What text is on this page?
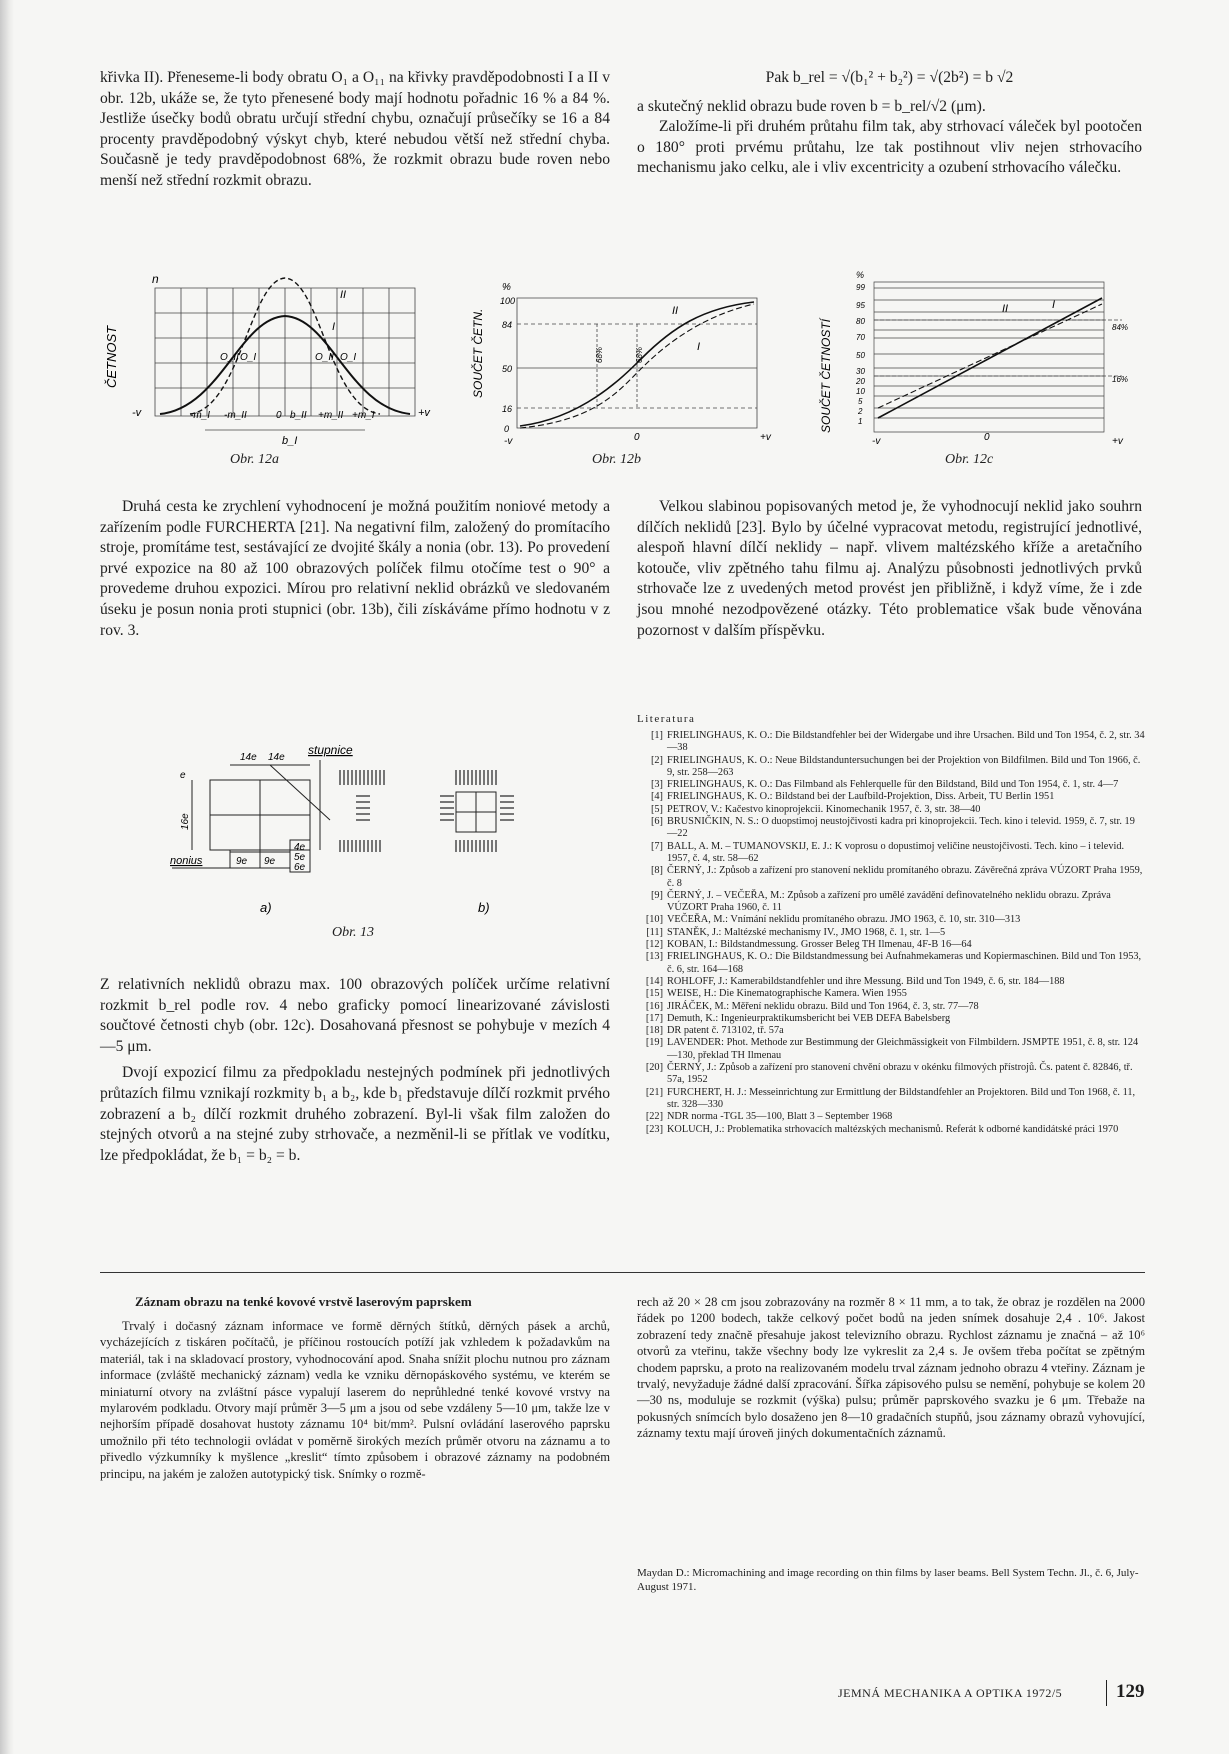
křivka II). Přeneseme-li body obratu O₁ a O₁₁ na křivky pravděpodobnosti I a II v obr. 12b, ukáže se, že tyto přenesené body mají hodnotu pořadnic 16 % a 84 %. Jestliže úsečky bodů obratu určují střední chybu, označují průsečíky se 16 a 84 procenty pravděpodobný výskyt chyb, které nebudou větší než střední chyba. Současně je tedy pravděpodobnost 68%, že rozkmit obrazu bude roven nebo menší než střední rozkmit obrazu.

Pak b_rel = √(b₁² + b₂²) = √(2b²) = b √2

a skutečný neklid obrazu bude roven b = b_rel/√2 (μm).

Založíme-li při druhém průtahu film tak, aby strhovací váleček byl pootočen o 180° proti prvému průtahu, lze tak postihnout vliv nejen strhovacího mechanismu jako celku, ale i vliv excentricity a ozubení strhovacího válečku.

ČETNOST
n
II
I
O_II O_I	O_II O_I
-v	-m_I -m_II	0 b_II +m_II +m_I	+v
b_I
Obr. 12a
SOUČET ČETN.
%
100
84
50
16
0
II
I
68%	68%
-v	0	+v
Obr. 12b
SOUČET ČETNOSTÍ
%
99
95
80
70
50
30
20
10
5
2
1
II	I
84%
16%
-v	0	+v
Obr. 12c

Druhá cesta ke zrychlení vyhodnocení je možná použitím noniové metody a zařízením podle FURCHERTA [21]. Na negativní film, založený do promítacího stroje, promítáme test, sestávající ze dvojité škály a nonia (obr. 13). Po provedení prvé expozice na 80 až 100 obrazových políček filmu otočíme test o 90° a provedeme druhou expozici. Mírou pro relativní neklid obrázků ve sledovaném úseku je posun nonia proti stupnici (obr. 13b), čili získáváme přímo hodnotu v z rov. 3.

Velkou slabinou popisovaných metod je, že vyhodnocují neklid jako souhrn dílčích neklidů [23]. Bylo by účelné vypracovat metodu, registrující jednotlivé, alespoň hlavní dílčí neklidy – např. vlivem maltézského kříže a aretačního kotouče, vliv zpětného tahu filmu aj. Analýzu působnosti jednotlivých prvků strhovače lze z uvedených metod provést jen přibližně, i když víme, že i zde jsou mnohé nezodpovězené otázky. Této problematice však bude věnována pozornost v dalším příspěvku.

14e 14e
stupnice
e
16e
nonius	9e 9e
4e
5e
6e
a)	b)
Obr. 13

Z relativních neklidů obrazu max. 100 obrazových políček určíme relativní rozkmit b_rel podle rov. 4 nebo graficky pomocí linearizované závislosti součtové četnosti chyb (obr. 12c). Dosahovaná přesnost se pohybuje v mezích 4—5 μm.

Dvojí expozicí filmu za předpokladu nestejných podmínek při jednotlivých průtazích filmu vznikají rozkmity b₁ a b₂, kde b₁ představuje dílčí rozkmit prvého zobrazení a b₂ dílčí rozkmit druhého zobrazení. Byl-li však film založen do stejných otvorů a na stejné zuby strhovače, a nezměnil-li se přítlak ve vodítku, lze předpokládat, že b₁ = b₂ = b.

Literatura
[1] FRIELINGHAUS, K. O.: Die Bildstandfehler bei der Widergabe und ihre Ursachen. Bild und Ton 1954, č. 2, str. 34—38
[2] FRIELINGHAUS, K. O.: Neue Bildstanduntersuchungen bei der Projektion von Bildfilmen. Bild und Ton 1966, č. 9, str. 258—263
[3] FRIELINGHAUS, K. O.: Das Filmband als Fehlerquelle für den Bildstand, Bild und Ton 1954, č. 1, str. 4—7
[4] FRIELINGHAUS, K. O.: Bildstand bei der Laufbild-Projektion, Diss. Arbeit, TU Berlin 1951
[5] PETROV, V.: Kačestvo kinoprojekcii. Kinomechanik 1957, č. 3, str. 38—40
[6] BRUSNIČKIN, N. S.: O duopstimoj neustojčivosti kadra pri kinoprojekcii. Tech. kino i televid. 1959, č. 7, str. 19—22
[7] BALL, A. M. – TUMANOVSKIJ, E. J.: K voprosu o dopustimoj veličine neustojčivosti. Tech. kino – i televid. 1957, č. 4, str. 58—62
[8] ČERNÝ, J.: Způsob a zařízení pro stanovení neklidu promítaného obrazu. Závěrečná zpráva VÚZORT Praha 1959, č. 8
[9] ČERNÝ, J. – VEČEŘA, M.: Způsob a zařízení pro umělé zavádění definovatelného neklidu obrazu. Zpráva VÚZORT Praha 1960, č. 11
[10] VEČEŘA, M.: Vnímání neklidu promítaného obrazu. JMO 1963, č. 10, str. 310—313
[11] STANĚK, J.: Maltézské mechanismy IV., JMO 1968, č. 1, str. 1—5
[12] KOBAN, I.: Bildstandmessung. Grosser Beleg TH Ilmenau, 4F-B 16—64
[13] FRIELINGHAUS, K. O.: Die Bildstandmessung bei Aufnahmekameras und Kopiermaschinen. Bild und Ton 1953, č. 6, str. 164—168
[14] ROHLOFF, J.: Kamerabildstandfehler und ihre Messung. Bild und Ton 1949, č. 6, str. 184—188
[15] WEISE, H.: Die Kinematographische Kamera. Wien 1955
[16] JIRÁČEK, M.: Měření neklidu obrazu. Bild und Ton 1964, č. 3, str. 77—78
[17] Demuth, K.: Ingenieurpraktikumsbericht bei VEB DEFA Babelsberg
[18] DR patent č. 713102, tř. 57a
[19] LAVENDER: Phot. Methode zur Bestimmung der Gleichmässigkeit von Filmbildern. JSMPTE 1951, č. 8, str. 124—130, překlad TH Ilmenau
[20] ČERNÝ, J.: Způsob a zařízení pro stanovení chvění obrazu v okénku filmových přístrojů. Čs. patent č. 82846, tř. 57a, 1952
[21] FURCHERT, H. J.: Messeinrichtung zur Ermittlung der Bildstandfehler an Projektoren. Bild und Ton 1968, č. 11, str. 328—330
[22] NDR norma -TGL 35—100, Blatt 3 – September 1968
[23] KOLUCH, J.: Problematika strhovacích maltézských mechanismů. Referát k odborné kandidátské práci 1970
Záznam obrazu na tenké kovové vrstvě laserovým paprskem

Trvalý i dočasný záznam informace ve formě děrných štítků, děrných pásek a archů, vycházejících z tiskáren počítačů, je příčinou rostoucích potíží jak vzhledem k požadavkům na materiál, tak i na skladovací prostory, vyhodnocování apod. Snaha snížit plochu nutnou pro záznam informace (zvláště mechanický záznam) vedla ke vzniku děrnopáskového systému, ve kterém se miniaturní otvory na zvláštní pásce vypalují laserem do neprůhledné tenké kovové vrstvy na mylarovém podkladu. Otvory mají průměr 3—5 μm a jsou od sebe vzdáleny 5—10 μm, takže lze v nejhorším případě dosahovat hustoty záznamu 10⁴ bit/mm². Pulsní ovládání laserového paprsku umožnilo při této technologii ovládat v poměrně širokých mezích průměr otvoru na záznamu a to přivedlo výzkumníky k myšlence „kreslit“ tímto způsobem i obrazové záznamy na podobném principu, na jakém je založen autotypický tisk. Snímky o rozmě-

rech až 20 × 28 cm jsou zobrazovány na rozměr 8 × 11 mm, a to tak, že obraz je rozdělen na 2000 řádek po 1200 bodech, takže celkový počet bodů na jeden snímek dosahuje 2,4 . 10⁶. Jakost zobrazení tedy značně přesahuje jakost televizního obrazu. Rychlost záznamu je značná – až 10⁶ otvorů za vteřinu, takže všechny body lze vykreslit za 2,4 s. Je ovšem třeba počítat se zpětným chodem paprsku, a proto na realizovaném modelu trval záznam jednoho obrazu 4 vteřiny. Záznam je trvalý, nevyžaduje žádné další zpracování. Šířka zápisového pulsu se nemění, pohybuje se kolem 20—30 ns, moduluje se rozkmit (výška) pulsu; průměr paprskového svazku je 6 μm. Třebaže na pokusných snímcích bylo dosaženo jen 8—10 gradačních stupňů, jsou záznamy obrazů vyhovující, záznamy textu mají úroveň jiných dokumentačních záznamů.

Maydan D.: Micromachining and image recording on thin films by laser beams. Bell System Techn. Jl., č. 6, July-August 1971.
JEMNÁ MECHANIKA A OPTIKA 1972/5	129
